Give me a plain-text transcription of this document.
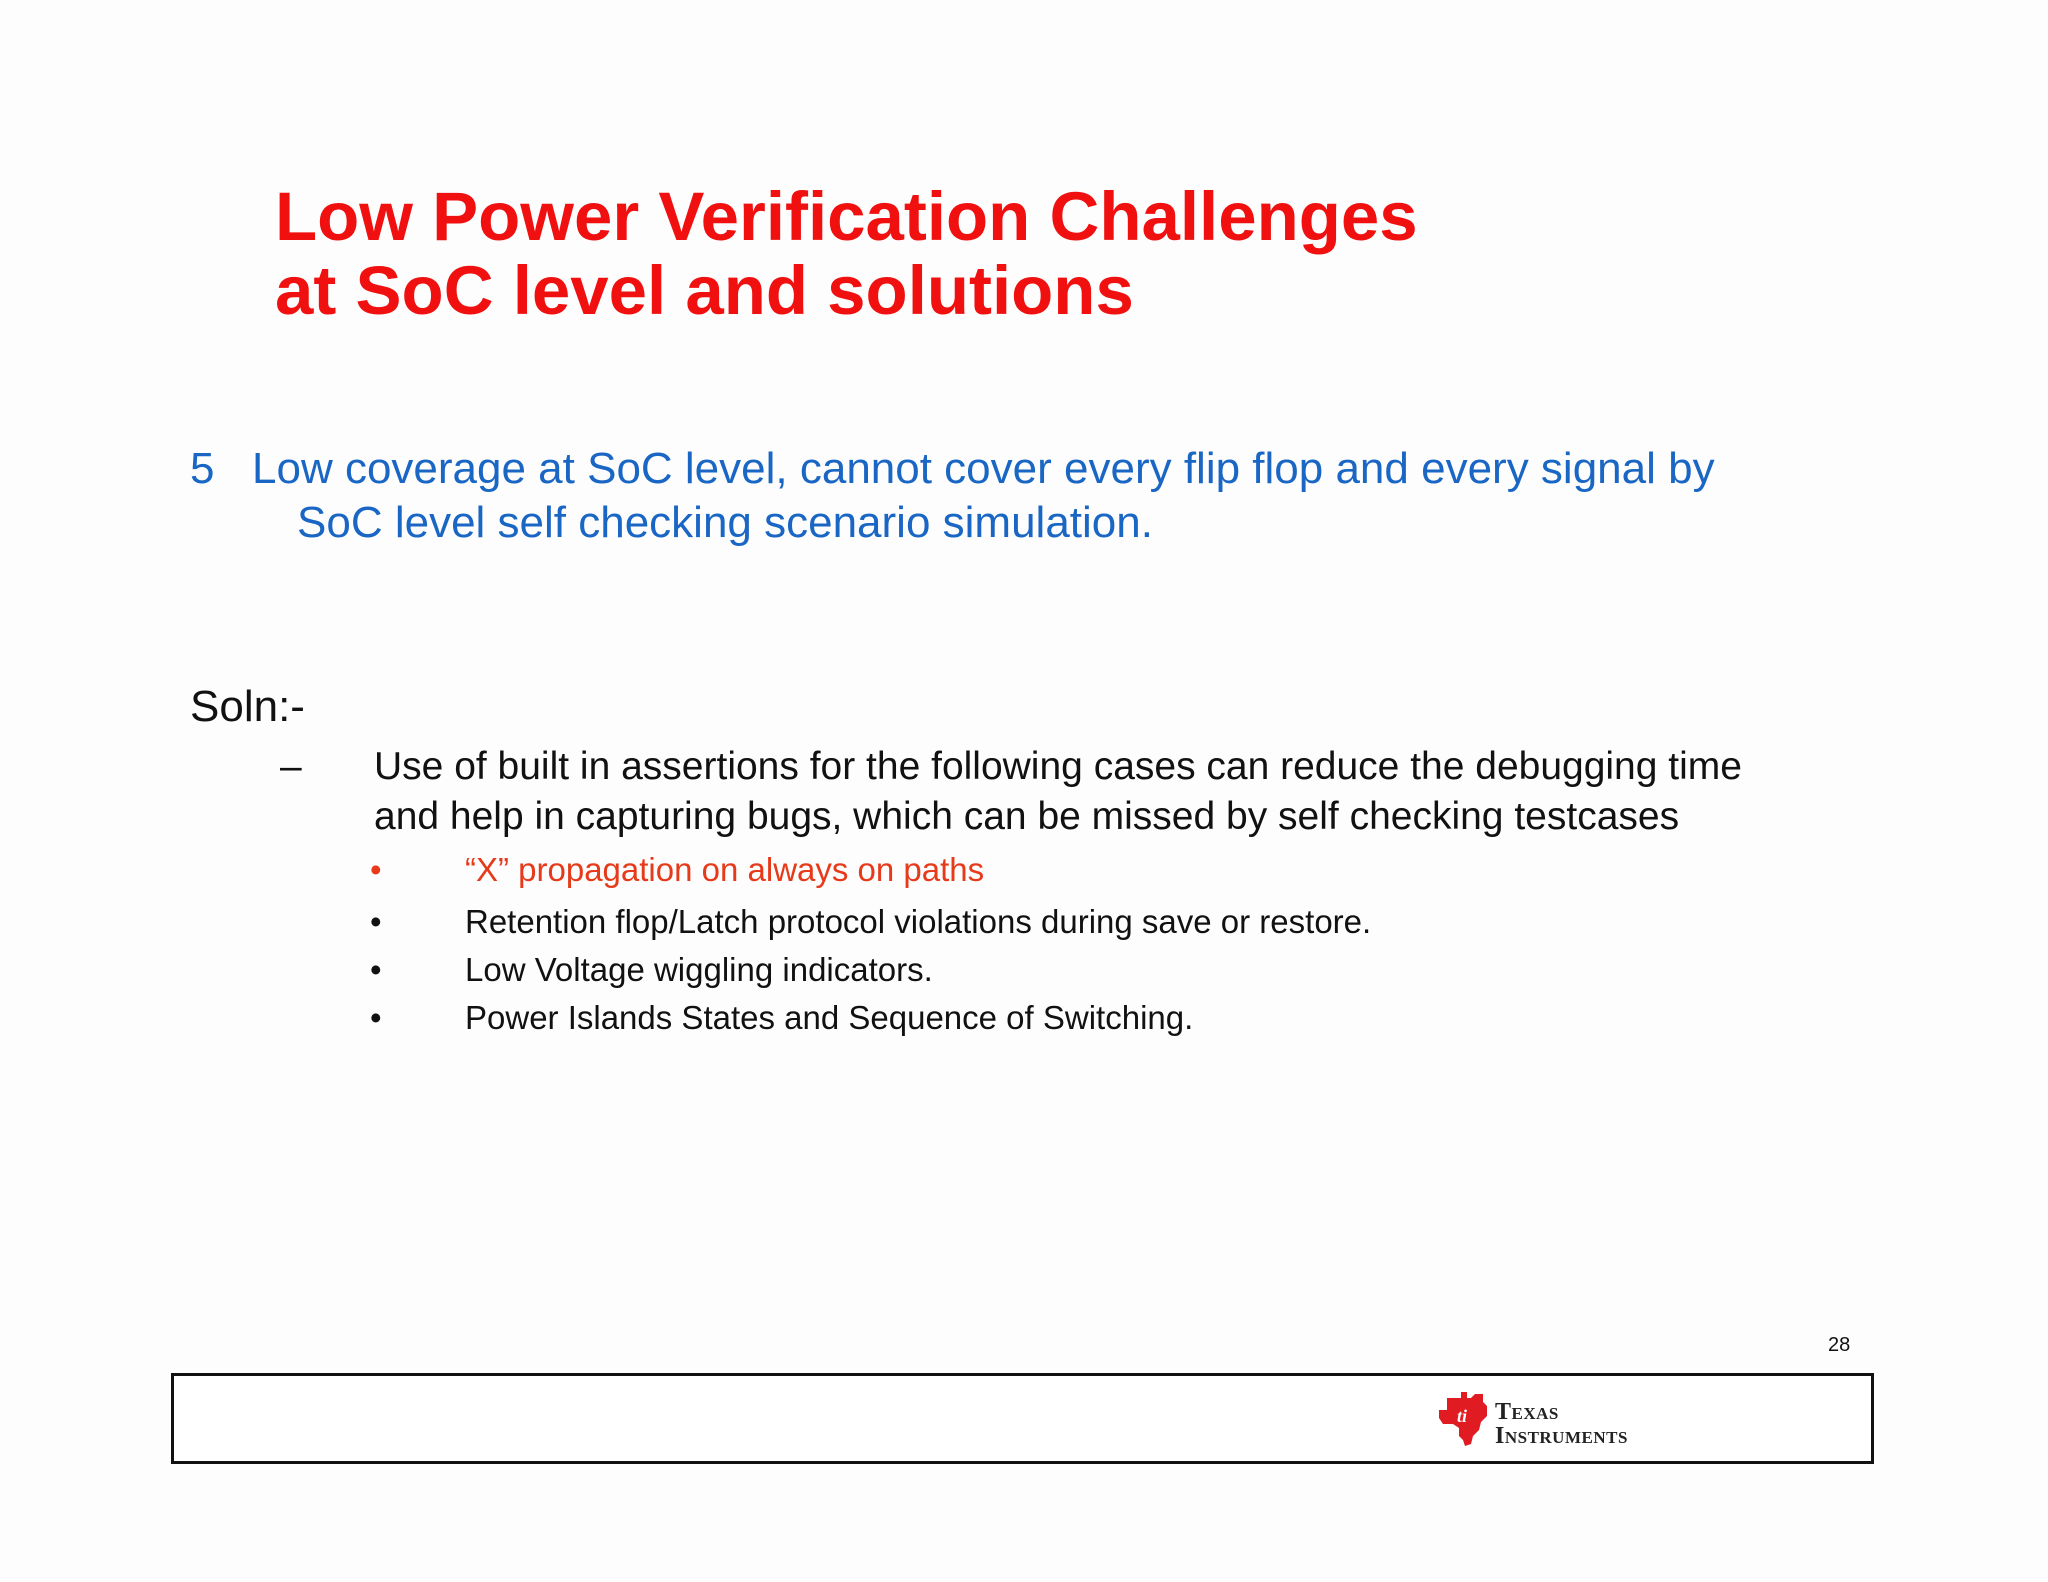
Low Power Verification Challenges
at SoC level and solutions
5 Low coverage at SoC level, cannot cover every flip flop and every signal by
SoC level self checking scenario simulation.
Soln:-
– Use of built in assertions for the following cases can reduce the debugging time
and help in capturing bugs, which can be missed by self checking testcases
•	“X” propagation on always on paths
•	Retention flop/Latch protocol violations during save or restore.
•	Low Voltage wiggling indicators.
•	Power Islands States and Sequence of Switching.
28
ti Texas
Instruments
